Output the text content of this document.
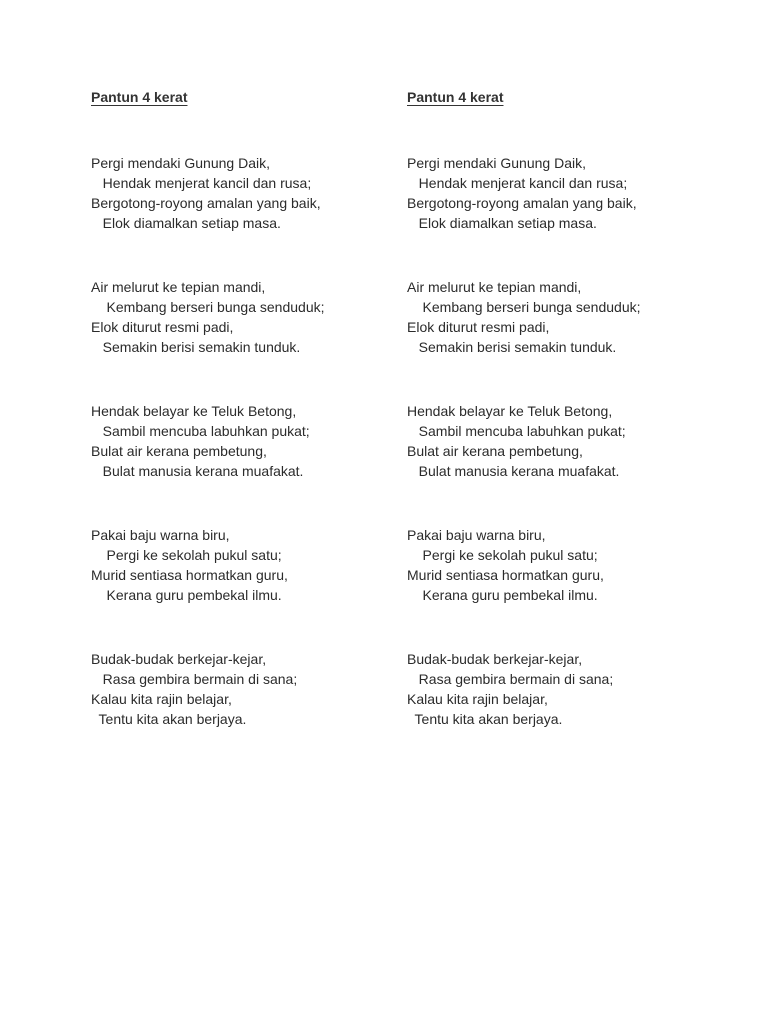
Pantun 4 kerat
Pergi mendaki Gunung Daik,
Hendak menjerat kancil dan rusa;
Bergotong-royong amalan yang baik,
Elok diamalkan setiap masa.
Air melurut ke tepian mandi,
Kembang berseri bunga senduduk;
Elok diturut resmi padi,
Semakin berisi semakin tunduk.
Hendak belayar ke Teluk Betong,
Sambil mencuba labuhkan pukat;
Bulat air kerana pembetung,
Bulat manusia kerana muafakat.
Pakai baju warna biru,
Pergi ke sekolah pukul satu;
Murid sentiasa hormatkan guru,
Kerana guru pembekal ilmu.
Budak-budak berkejar-kejar,
Rasa gembira bermain di sana;
Kalau kita rajin belajar,
Tentu kita akan berjaya.
Pantun 4 kerat
Pergi mendaki Gunung Daik,
Hendak menjerat kancil dan rusa;
Bergotong-royong amalan yang baik,
Elok diamalkan setiap masa.
Air melurut ke tepian mandi,
Kembang berseri bunga senduduk;
Elok diturut resmi padi,
Semakin berisi semakin tunduk.
Hendak belayar ke Teluk Betong,
Sambil mencuba labuhkan pukat;
Bulat air kerana pembetung,
Bulat manusia kerana muafakat.
Pakai baju warna biru,
Pergi ke sekolah pukul satu;
Murid sentiasa hormatkan guru,
Kerana guru pembekal ilmu.
Budak-budak berkejar-kejar,
Rasa gembira bermain di sana;
Kalau kita rajin belajar,
Tentu kita akan berjaya.
